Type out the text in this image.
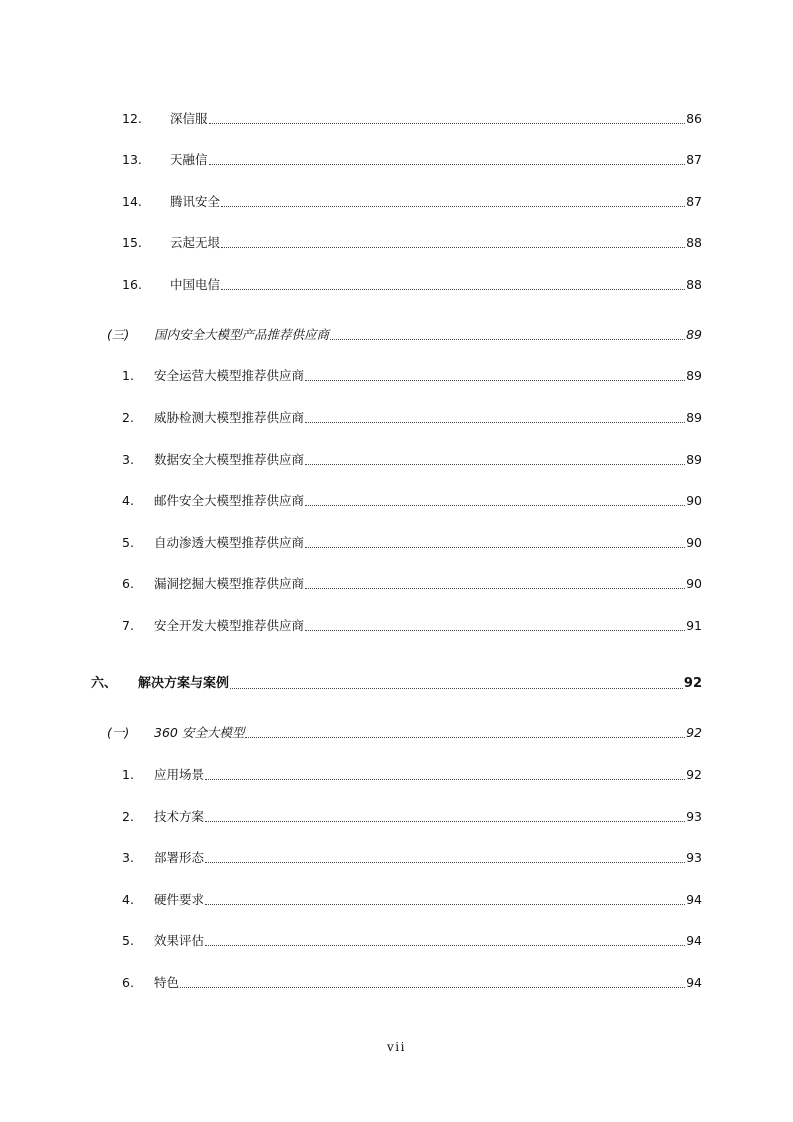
12. 深信服	86
13. 天融信	87
14. 腾讯安全	87
15. 云起无垠	88
16. 中国电信	88
(三) 国内安全大模型产品推荐供应商	89
1. 安全运营大模型推荐供应商	89
2. 威胁检测大模型推荐供应商	89
3. 数据安全大模型推荐供应商	89
4. 邮件安全大模型推荐供应商	90
5. 自动渗透大模型推荐供应商	90
6. 漏洞挖掘大模型推荐供应商	90
7. 安全开发大模型推荐供应商	91
六、 解决方案与案例	92
(一) 360 安全大模型	92
1. 应用场景	92
2. 技术方案	93
3. 部署形态	93
4. 硬件要求	94
5. 效果评估	94
6. 特色	94
vii
